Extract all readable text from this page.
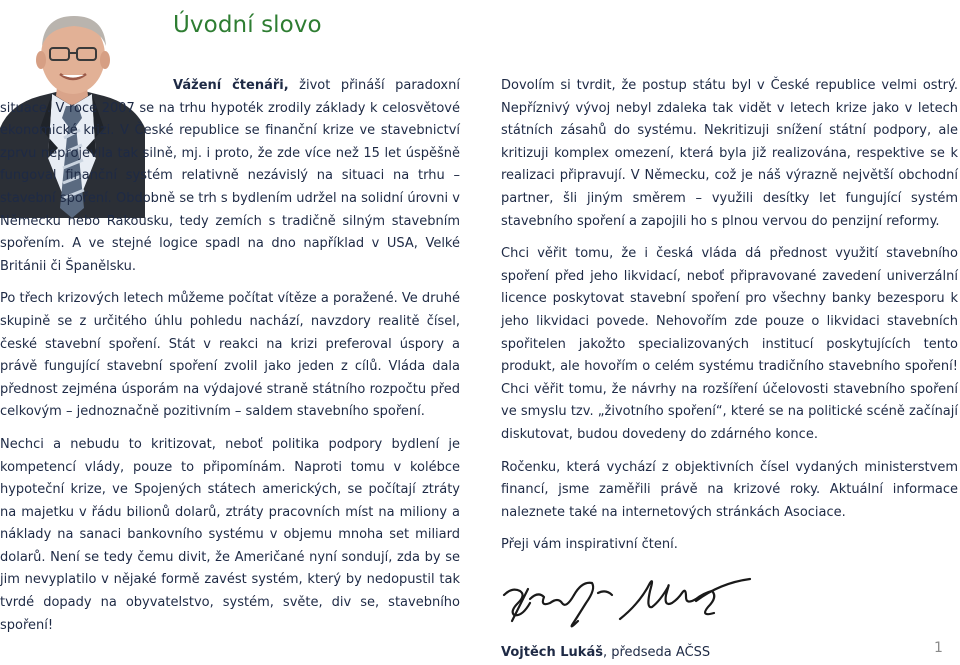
Úvodní slovo

Vážení čtenáři, život přináší paradoxní situace. V roce 2007 se na trhu hypoték zrodily základy k celosvětové ekonomické krizi. V České republice se finanční krize ve stavebnictví zprvu neprojevila tak silně, mj. i proto, že zde více než 15 let úspěšně fungoval finanční systém relativně nezávislý na situaci na trhu – stavební spoření. Obdobně se trh s bydlením udržel na solidní úrovni v Německu nebo Rakousku, tedy zemích s tradičně silným stavebním spořením. A ve stejné logice spadl na dno například v USA, Velké Británii či Španělsku.

Po třech krizových letech můžeme počítat vítěze a poražené. Ve druhé skupině se z určitého úhlu pohledu nachází, navzdory realitě čísel, české stavební spoření. Stát v reakci na krizi preferoval úspory a právě fungující stavební spoření zvolil jako jeden z cílů. Vláda dala přednost zejména úsporám na výdajové straně státního rozpočtu před celkovým – jednoznačně pozitivním – saldem stavebního spoření.

Nechci a nebudu to kritizovat, neboť politika podpory bydlení je kompetencí vlády, pouze to připomínám. Naproti tomu v kolébce hypoteční krize, ve Spojených státech amerických, se počítají ztráty na majetku v řádu bilionů dolarů, ztráty pracovních míst na miliony a náklady na sanaci bankovního systému v objemu mnoha set miliard dolarů. Není se tedy čemu divit, že Američané nyní sondují, zda by se jim nevyplatilo v nějaké formě zavést systém, který by nedopustil tak tvrdé dopady na obyvatelstvo, systém, světe, div se, stavebního spoření!

Dovolím si tvrdit, že postup státu byl v České republice velmi ostrý. Nepříznivý vývoj nebyl zdaleka tak vidět v letech krize jako v letech státních zásahů do systému. Nekritizuji snížení státní podpory, ale kritizuji komplex omezení, která byla již realizována, respektive se k realizaci připravují. V Německu, což je náš výrazně největší obchodní partner, šli jiným směrem – využili desítky let fungující systém stavebního spoření a zapojili ho s plnou vervou do penzijní reformy.

Chci věřit tomu, že i česká vláda dá přednost využití stavebního spoření před jeho likvidací, neboť připravované zavedení univerzální licence poskytovat stavební spoření pro všechny banky bezesporu k jeho likvidaci povede. Nehovořím zde pouze o likvidaci stavebních spořitelen jakožto specializovaných institucí poskytujících tento produkt, ale hovořím o celém systému tradičního stavebního spoření! Chci věřit tomu, že návrhy na rozšíření účelovosti stavebního spoření ve smyslu tzv. „životního spoření“, které se na politické scéně začínají diskutovat, budou dovedeny do zdárného konce.

Ročenku, která vychází z objektivních čísel vydaných ministerstvem financí, jsme zaměřili právě na krizové roky. Aktuální informace naleznete také na internetových stránkách Asociace.

Přeji vám inspirativní čtení.

Vojtěch Lukáš, předseda AČSS	1
